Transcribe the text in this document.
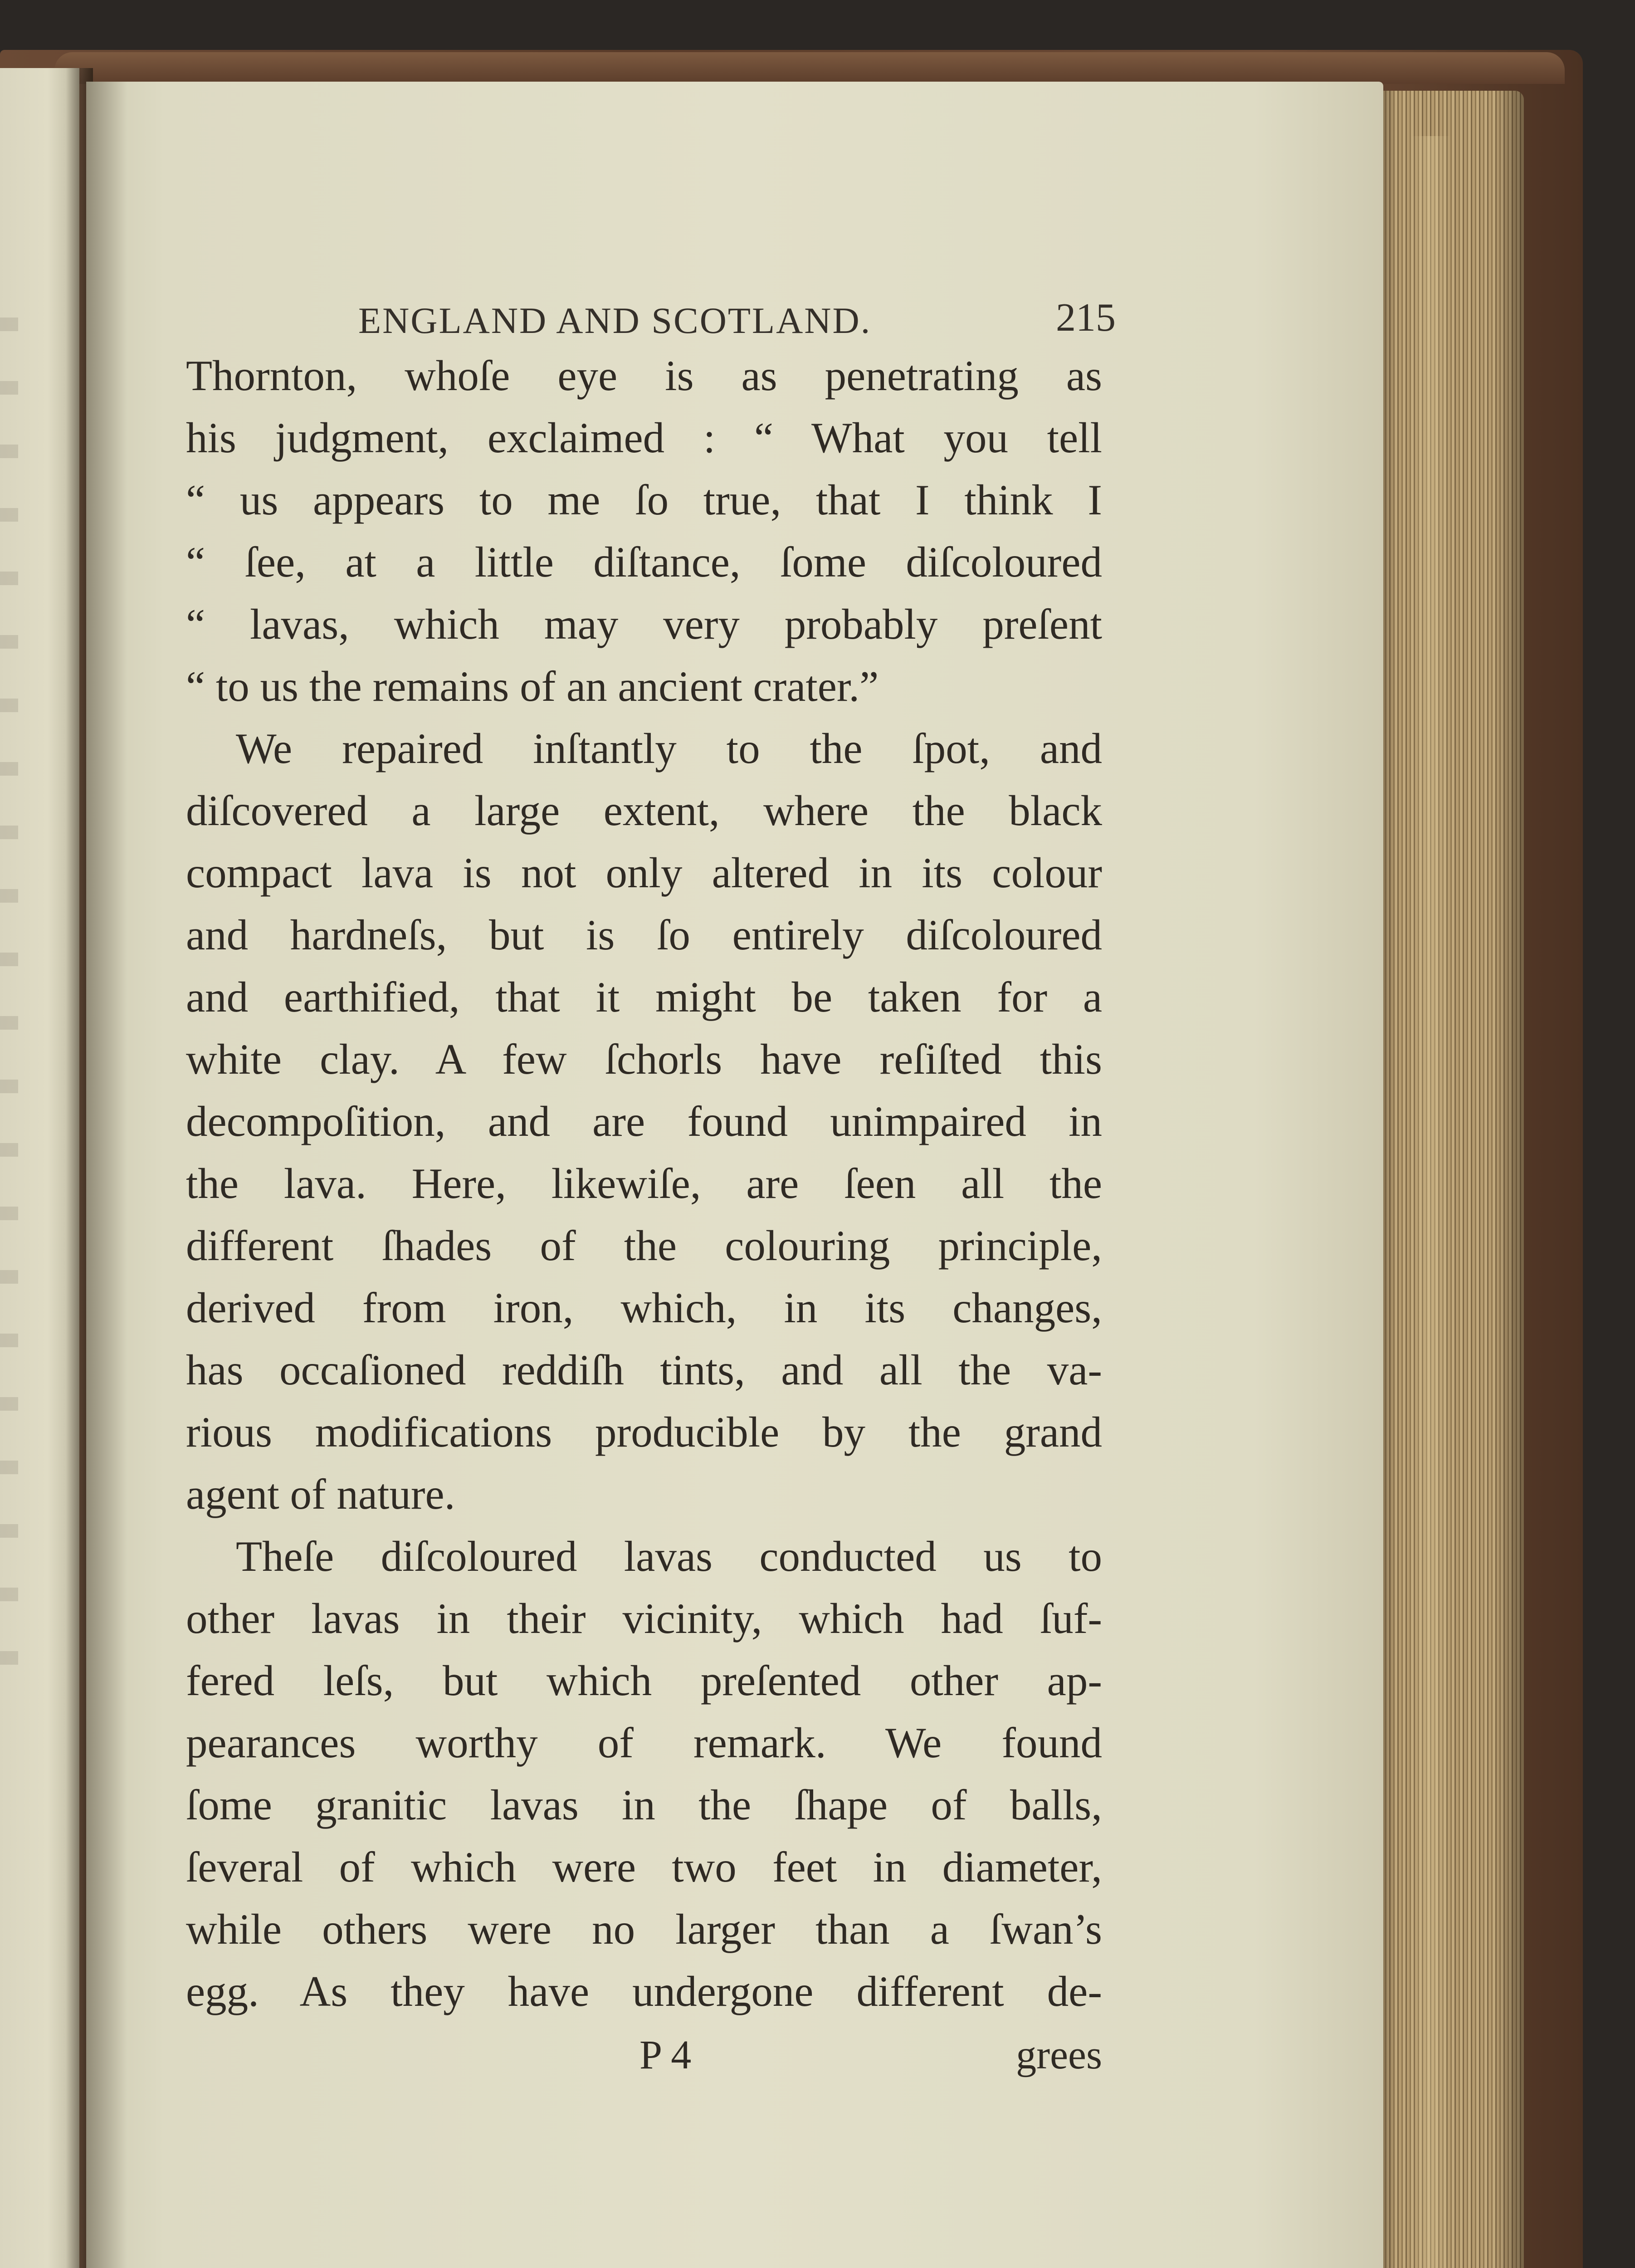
ENGLAND AND SCOTLAND.	215
Thornton, whoſe eye is as penetrating as
his judgment, exclaimed : “ What you tell
“ us appears to me ſo true, that I think I
“ ſee, at a little diſtance, ſome diſcoloured
“ lavas, which may very probably preſent
“ to us the remains of an ancient crater.”
We repaired inſtantly to the ſpot, and
diſcovered a large extent, where the black
compact lava is not only altered in its colour
and hardneſs, but is ſo entirely diſcoloured
and earthified, that it might be taken for a
white clay. A few ſchorls have reſiſted this
decompoſition, and are found unimpaired in
the lava. Here, likewiſe, are ſeen all the
different ſhades of the colouring principle,
derived from iron, which, in its changes,
has occaſioned reddiſh tints, and all the va-
rious modifications producible by the grand
agent of nature.
Theſe diſcoloured lavas conducted us to
other lavas in their vicinity, which had ſuf-
fered leſs, but which preſented other ap-
pearances worthy of remark. We found
ſome granitic lavas in the ſhape of balls,
ſeveral of which were two feet in diameter,
while others were no larger than a ſwan’s
egg. As they have undergone different de-
P 4	grees
